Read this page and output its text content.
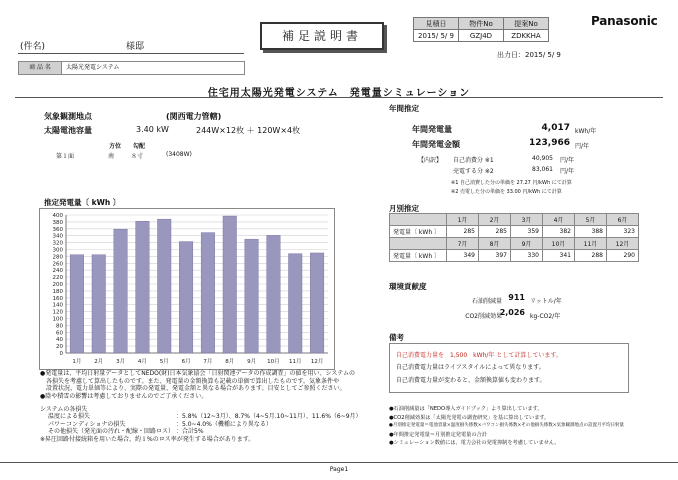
補足説明書
見積日	物件No	提案No
2015/ 5/ 9	GZJ4D	ZDKKHA
Panasonic
出力日：2015/ 5/ 9
(件名)	様邸
商 品 名	太陽光発電システム
住宅用太陽光発電システム　発電量シミュレーション
気象観測地点	(関西電力管轄)
太陽電池容量	3.40 kW	244W×12枚 ＋ 120W×4枚
方位 勾配
第１面	南	８寸	(3408W)
推定発電量〔 kWh 〕
0
20
40
60
80
100
120
140
160
180
200
220
240
260
280
300
320
340
360
380
400
1月 2月 3月 4月 5月 6月 7月 8月 9月 10月 11月 12月
●発電量は、平均日射量データとしてNEDO(財)日本気象協会「日射関連データの作成調査」の値を用い、システムの
　各損失を考慮して算出したものです。また、発電量の金額換算も記載の単価で算出したものです。気象条件や
　設置状況、電力単価等により、実際の発電量、発電金額と異なる場合があります。目安としてご参照ください。
●陰や積雪の影響は考慮しておりませんのでご了承ください。
システムの各損失
温度による損失	：5.8%（12~3月）、8.7%（4~5月.10~11月）、11.6%（6~9月）
パワーコンディショナの損失	：5.0~4.0%（機種により異なる）
その他損失（発光面の汚れ・配線・回路ロス） ：合計5%
※昇圧回路付接続箱を用いた場合、約１%のロス率が発生する場合があります。
年間推定
年間発電量	4,017 kWh/年
年間発電金額	123,966 円/年
【内訳】 自己消費分 ※1	40,905 円/年
売電する分 ※2	83,061 円/年
※1 自己消費した分の単価を 27.27 円/kWh にて計算
※2 売電した分の単価を 33.00 円/kWh にて計算
月別推定
	1月	2月	3月	4月	5月	6月
発電量〔 kWh 〕	285	285	359	382	388	323
	7月	8月	9月	10月	11月	12月
発電量〔 kWh 〕	349	397	330	341	288	290
環境貢献度
石油削減量 911 リットル/年
CO2削減効果
2,026 kg-CO2/年
備考
自己消費電力量を　1,500　kWh/年 として計算しています。
自己消費電力量はライフスタイルによって異なります。
自己消費電力量が変わると、金額換算値も変わります。
●石油削減量は「NEDO導入ガイドブック」より算出しています。
●CO2削減効果は「太陽光発電の調査研究」を基に算出しています。
●月別推定発電量＝電池容量×温度損失係数×パワコン損失係数×その他損失係数×気象観測地点の設置月平均日射量
●年間推定発電量＝月別推定発電量の合計
●シミュレーション数値には、電力会社の発電抑制を考慮していません。
Page1
